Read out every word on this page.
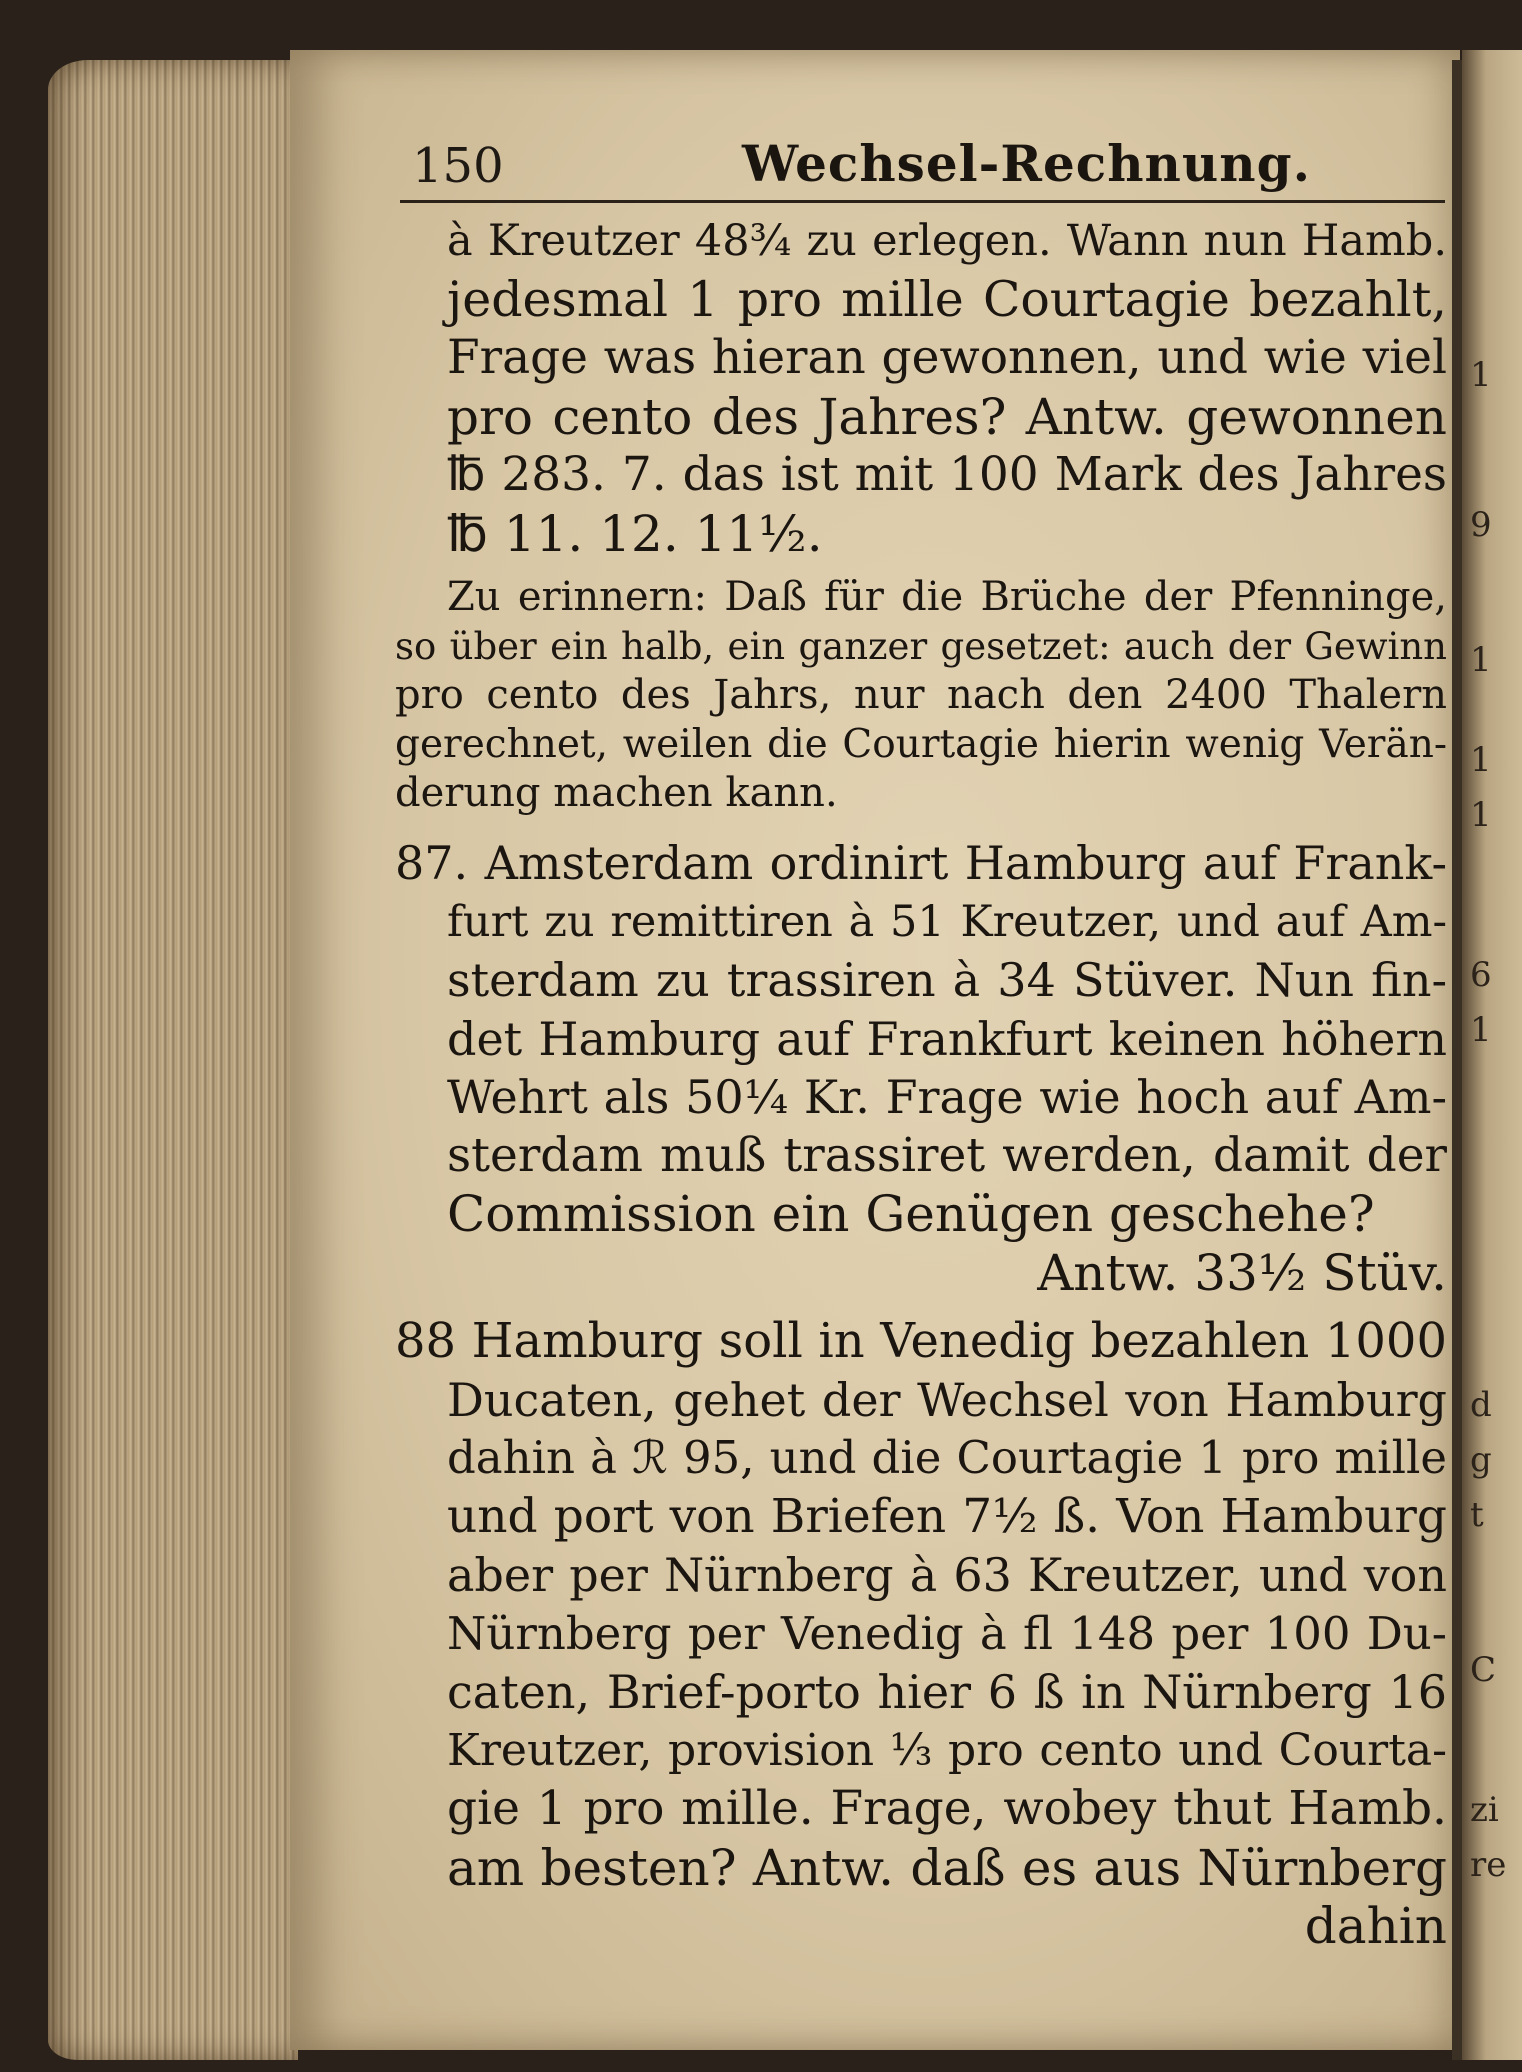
1
9
1
1
1
6
1
d
g
t
C
zi
re
150	Wechsel-Rechnung.
à Kreutzer 48¾ zu erlegen. Wann nun Hamb.
jedesmal 1 pro mille Courtagie bezahlt,
Frage was hieran gewonnen, und wie viel
pro cento des Jahres? Antw. gewonnen
℔ 283. 7. das ist mit 100 Mark des Jahres
℔ 11. 12. 11½.
Zu erinnern: Daß für die Brüche der Pfenninge,
so über ein halb, ein ganzer gesetzet: auch der Gewinn
pro cento des Jahrs, nur nach den 2400 Thalern
gerechnet, weilen die Courtagie hierin wenig Verän-
derung machen kann.
87. Amsterdam ordinirt Hamburg auf Frank-
furt zu remittiren à 51 Kreutzer, und auf Am-
sterdam zu trassiren à 34 Stüver. Nun fin-
det Hamburg auf Frankfurt keinen höhern
Wehrt als 50¼ Kr. Frage wie hoch auf Am-
sterdam muß trassiret werden, damit der
Commission ein Genügen geschehe?
Antw. 33½ Stüv.
88 Hamburg soll in Venedig bezahlen 1000
Ducaten, gehet der Wechsel von Hamburg
dahin à ℛ 95, und die Courtagie 1 pro mille
und port von Briefen 7½ ß. Von Hamburg
aber per Nürnberg à 63 Kreutzer, und von
Nürnberg per Venedig à fl 148 per 100 Du-
caten, Brief-porto hier 6 ß in Nürnberg 16
Kreutzer, provision ⅓ pro cento und Courta-
gie 1 pro mille. Frage, wobey thut Hamb.
am besten? Antw. daß es aus Nürnberg
dahin
